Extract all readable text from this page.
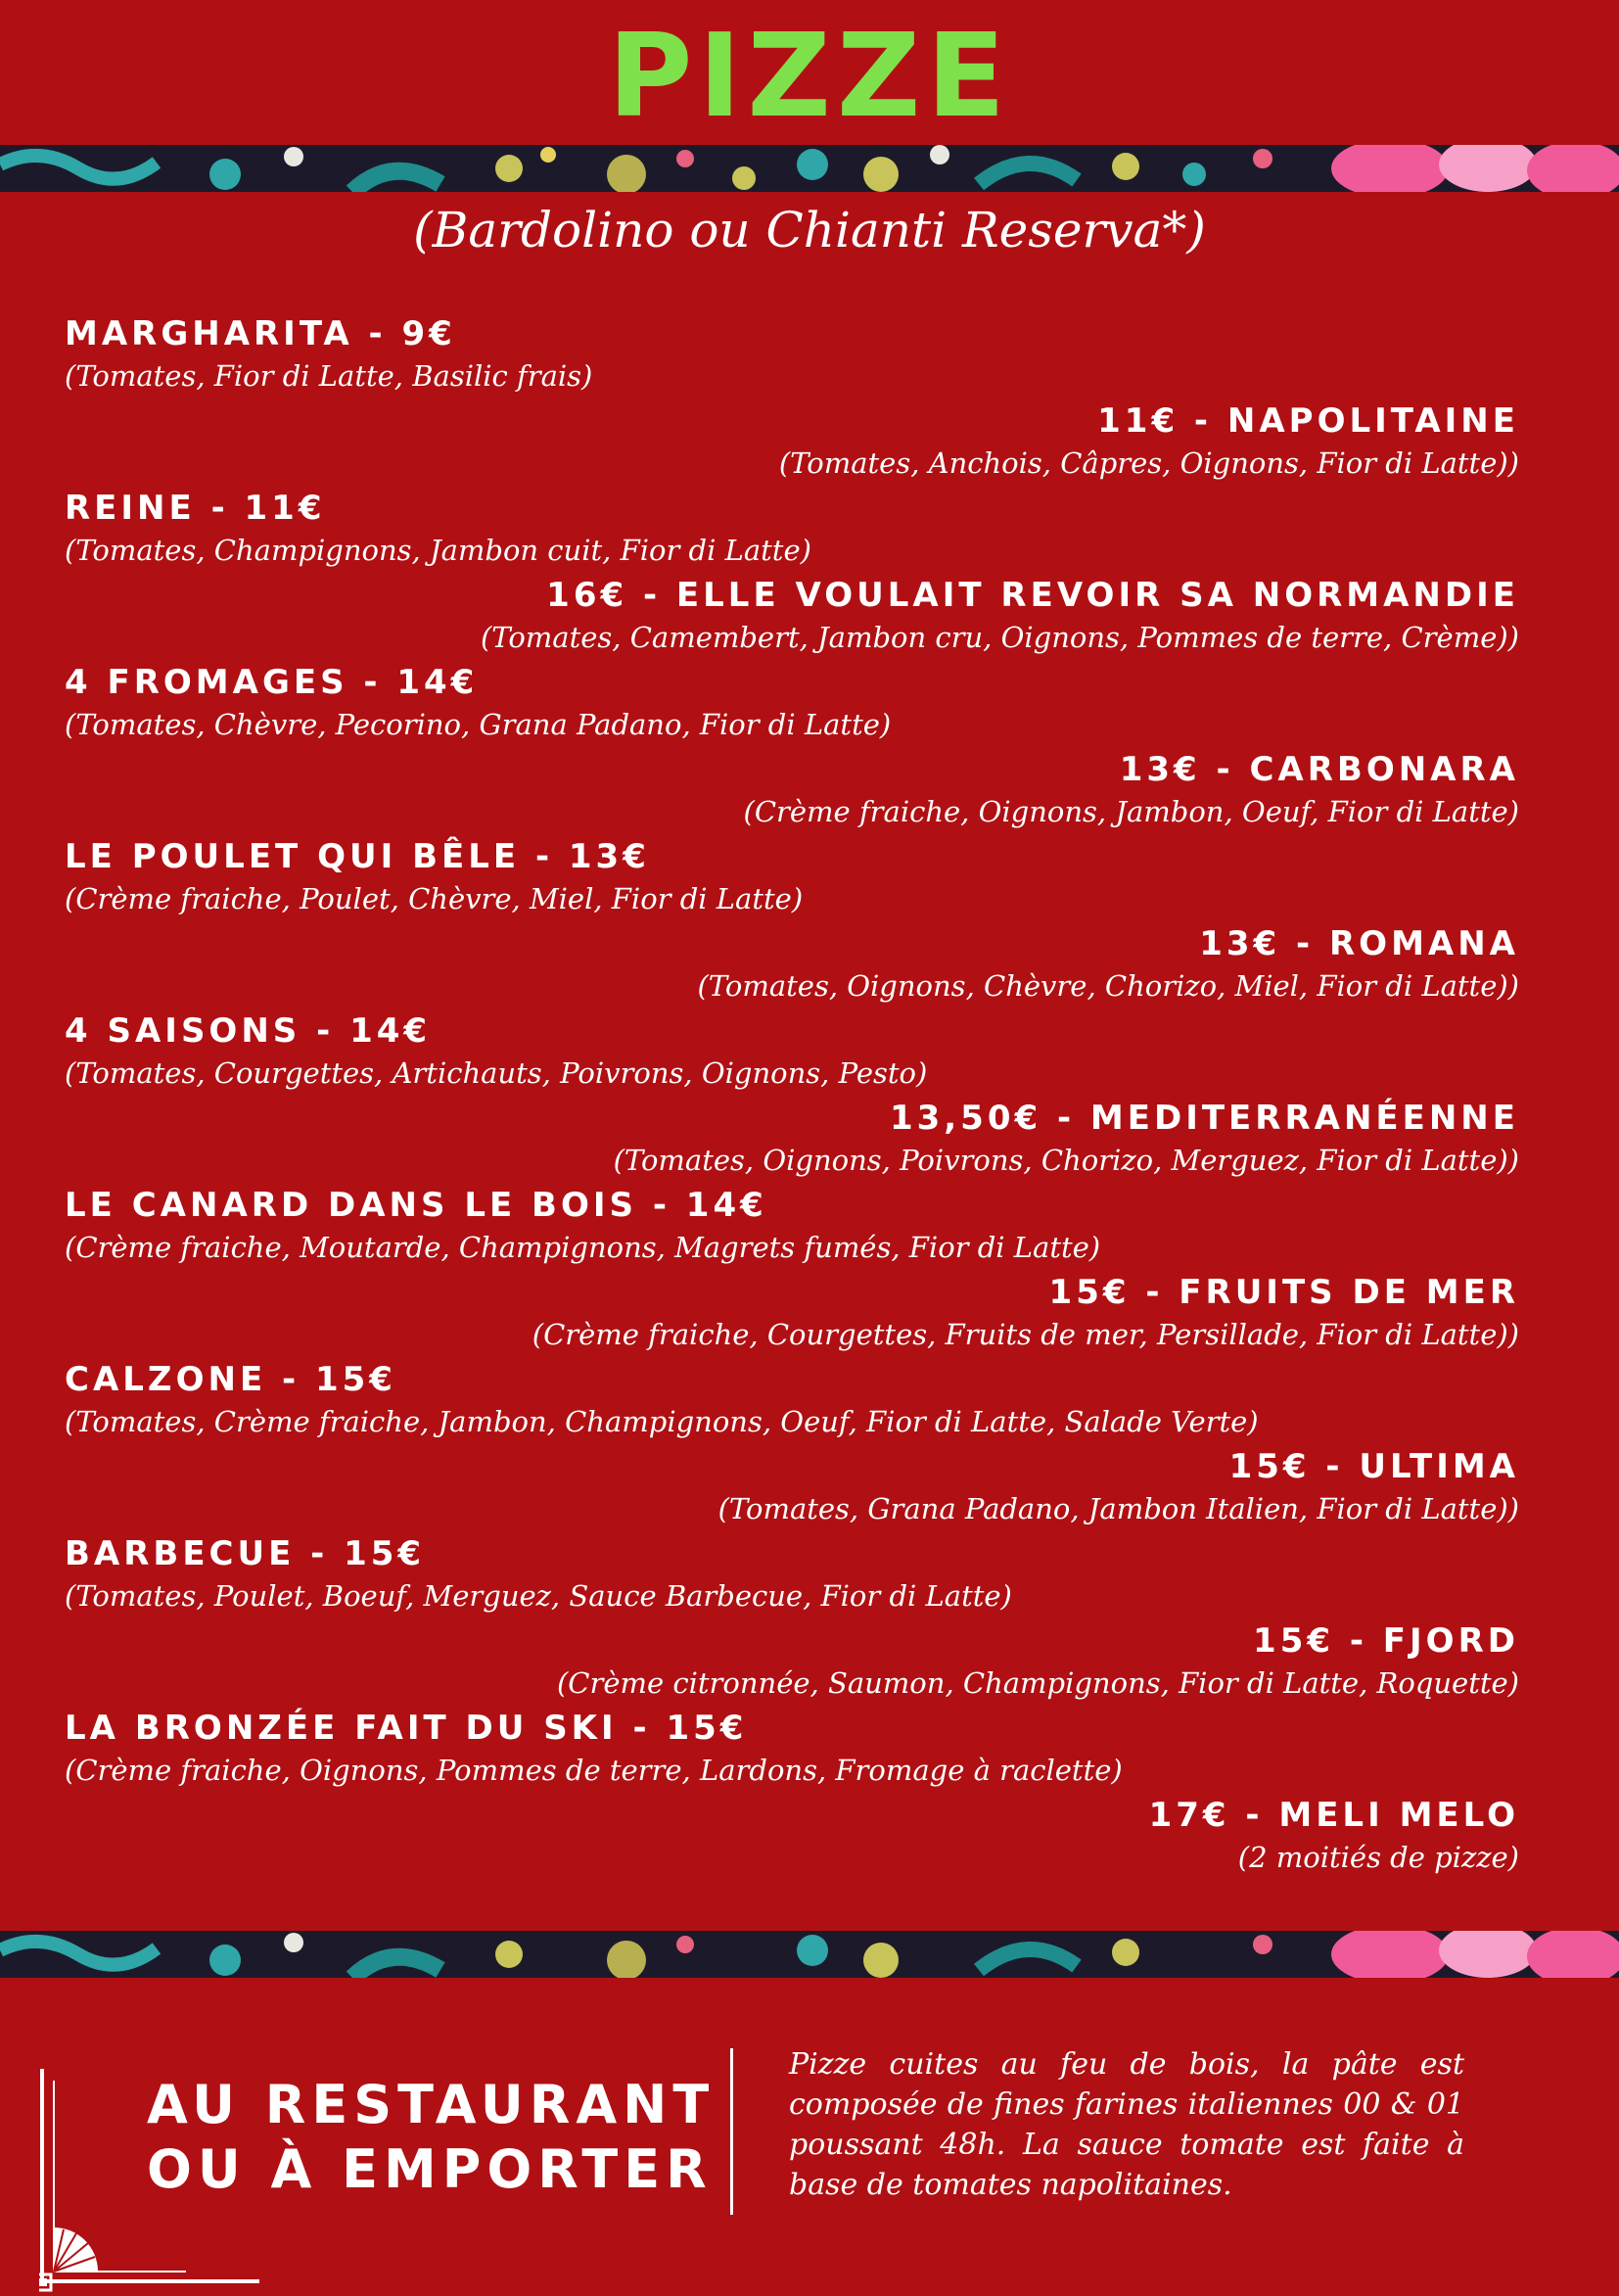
PIZZE
(Bardolino ou Chianti Reserva*)
MARGHARITA - 9€
(Tomates, Fior di Latte, Basilic frais)
11€ - NAPOLITAINE
(Tomates, Anchois, Câpres, Oignons, Fior di Latte))
REINE - 11€
(Tomates, Champignons, Jambon cuit, Fior di Latte)
16€ - ELLE VOULAIT REVOIR SA NORMANDIE
(Tomates, Camembert, Jambon cru, Oignons, Pommes de terre, Crème))
4 FROMAGES - 14€
(Tomates, Chèvre, Pecorino, Grana Padano, Fior di Latte)
13€ - CARBONARA
(Crème fraiche, Oignons, Jambon, Oeuf, Fior di Latte)
LE POULET QUI BÊLE - 13€
(Crème fraiche, Poulet, Chèvre, Miel, Fior di Latte)
13€ - ROMANA
(Tomates, Oignons, Chèvre, Chorizo, Miel, Fior di Latte))
4 SAISONS - 14€
(Tomates, Courgettes, Artichauts, Poivrons, Oignons, Pesto)
13,50€ - MEDITERRANÉENNE
(Tomates, Oignons, Poivrons, Chorizo, Merguez, Fior di Latte))
LE CANARD DANS LE BOIS - 14€
(Crème fraiche, Moutarde, Champignons, Magrets fumés, Fior di Latte)
15€ - FRUITS DE MER
(Crème fraiche, Courgettes, Fruits de mer, Persillade, Fior di Latte))
CALZONE - 15€
(Tomates, Crème fraiche, Jambon, Champignons, Oeuf, Fior di Latte, Salade Verte)
15€ - ULTIMA
(Tomates, Grana Padano, Jambon Italien, Fior di Latte))
BARBECUE - 15€
(Tomates, Poulet, Boeuf, Merguez, Sauce Barbecue, Fior di Latte)
15€ - FJORD
(Crème citronnée, Saumon, Champignons, Fior di Latte, Roquette)
LA BRONZÉE FAIT DU SKI - 15€
(Crème fraiche, Oignons, Pommes de terre, Lardons, Fromage à raclette)
17€ - MELI MELO
(2 moitiés de pizze)
AU RESTAURANT
OU À EMPORTER
Pizze cuites au feu de bois, la pâte est composée de fines farines italiennes 00 & 01 poussant 48h. La sauce tomate est faite à base de tomates napolitaines.
